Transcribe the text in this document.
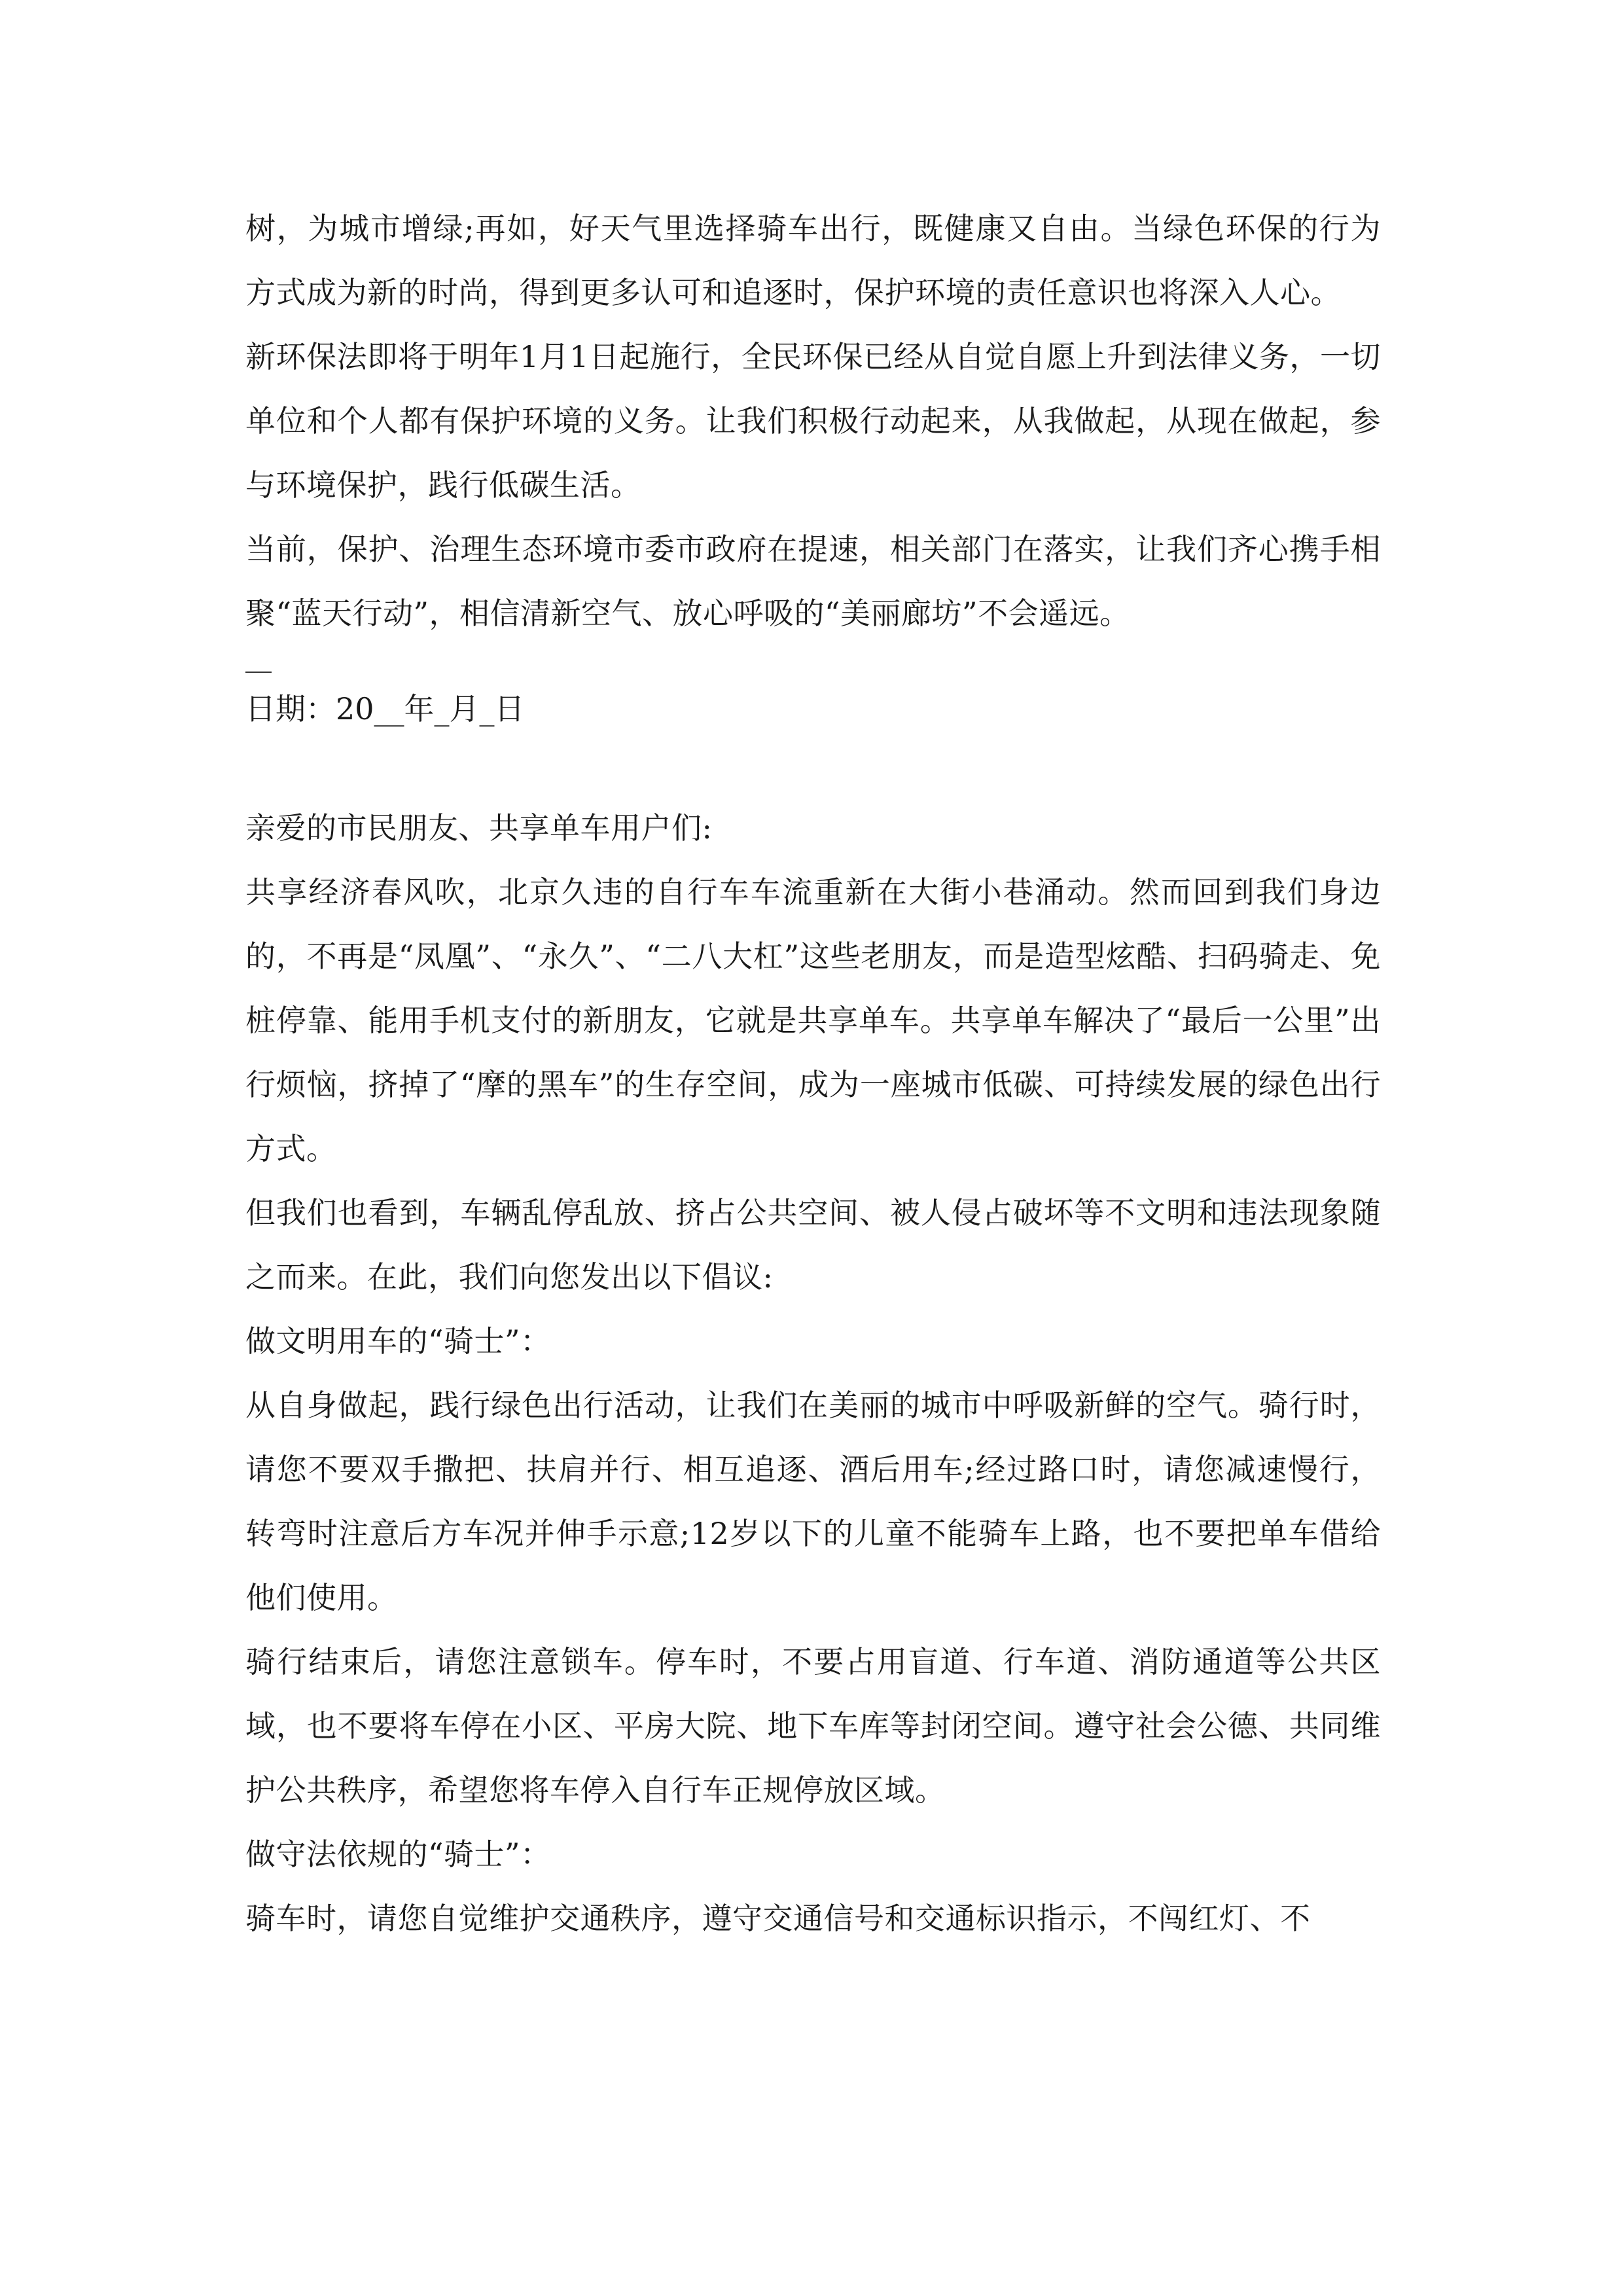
树，为城市增绿;再如，好天气里选择骑车出行，既健康又自由。当绿色环保的行为方式成为新的时尚，得到更多认可和追逐时，保护环境的责任意识也将深入人心。

新环保法即将于明年1月1日起施行，全民环保已经从自觉自愿上升到法律义务，一切单位和个人都有保护环境的义务。让我们积极行动起来，从我做起，从现在做起，参与环境保护，践行低碳生活。

当前，保护、治理生态环境市委市政府在提速，相关部门在落实，让我们齐心携手相聚“蓝天行动”，相信清新空气、放心呼吸的“美丽廊坊”不会遥远。

日期：20__年_月_日

亲爱的市民朋友、共享单车用户们:

共享经济春风吹，北京久违的自行车车流重新在大街小巷涌动。然而回到我们身边的，不再是“凤凰”、“永久”、“二八大杠”这些老朋友，而是造型炫酷、扫码骑走、免桩停靠、能用手机支付的新朋友，它就是共享单车。共享单车解决了“最后一公里”出行烦恼，挤掉了“摩的黑车”的生存空间，成为一座城市低碳、可持续发展的绿色出行方式。

但我们也看到，车辆乱停乱放、挤占公共空间、被人侵占破坏等不文明和违法现象随之而来。在此，我们向您发出以下倡议:

做文明用车的“骑士”：

从自身做起，践行绿色出行活动，让我们在美丽的城市中呼吸新鲜的空气。骑行时，请您不要双手撒把、扶肩并行、相互追逐、酒后用车;经过路口时，请您减速慢行，转弯时注意后方车况并伸手示意;12岁以下的儿童不能骑车上路，也不要把单车借给他们使用。

骑行结束后，请您注意锁车。停车时，不要占用盲道、行车道、消防通道等公共区域，也不要将车停在小区、平房大院、地下车库等封闭空间。遵守社会公德、共同维护公共秩序，希望您将车停入自行车正规停放区域。

做守法依规的“骑士”：

骑车时，请您自觉维护交通秩序，遵守交通信号和交通标识指示，不闯红灯、不
